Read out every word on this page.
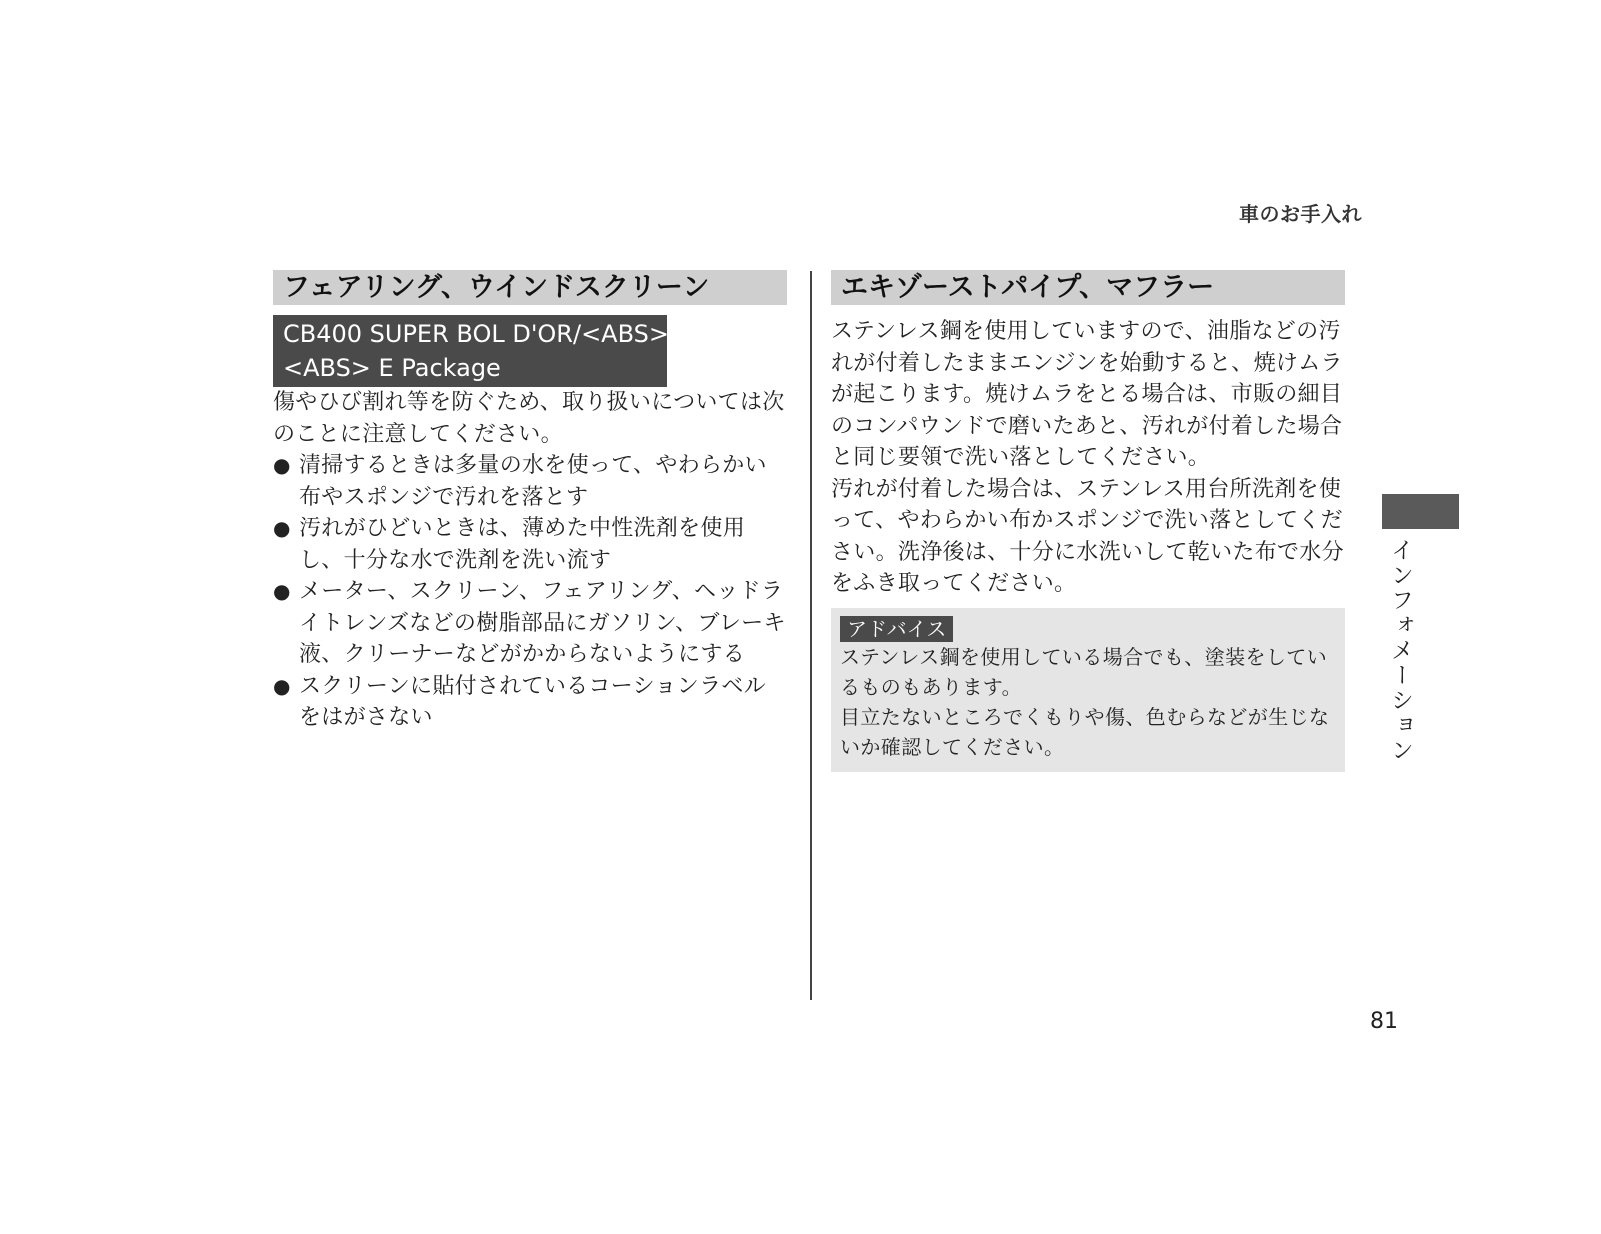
車のお手入れ
フェアリング、ウインドスクリーン
CB400 SUPER BOL D'OR/<ABS>/
<ABS> E Package
傷やひび割れ等を防ぐため、取り扱いについては次のことに注意してください。
● 清掃するときは多量の水を使って、やわらかい布やスポンジで汚れを落とす
● 汚れがひどいときは、薄めた中性洗剤を使用し、十分な水で洗剤を洗い流す
● メーター、スクリーン、フェアリング、ヘッドライトレンズなどの樹脂部品にガソリン、ブレーキ液、クリーナーなどがかからないようにする
● スクリーンに貼付されているコーションラベルをはがさない
エキゾーストパイプ、マフラー
ステンレス鋼を使用していますので、油脂などの汚れが付着したままエンジンを始動すると、焼けムラが起こります。焼けムラをとる場合は、市販の細目のコンパウンドで磨いたあと、汚れが付着した場合と同じ要領で洗い落としてください。
汚れが付着した場合は、ステンレス用台所洗剤を使って、やわらかい布かスポンジで洗い落としてください。洗浄後は、十分に水洗いして乾いた布で水分をふき取ってください。
アドバイス
ステンレス鋼を使用している場合でも、塗装をしているものもあります。
目立たないところでくもりや傷、色むらなどが生じないか確認してください。	インフォメーション
81
